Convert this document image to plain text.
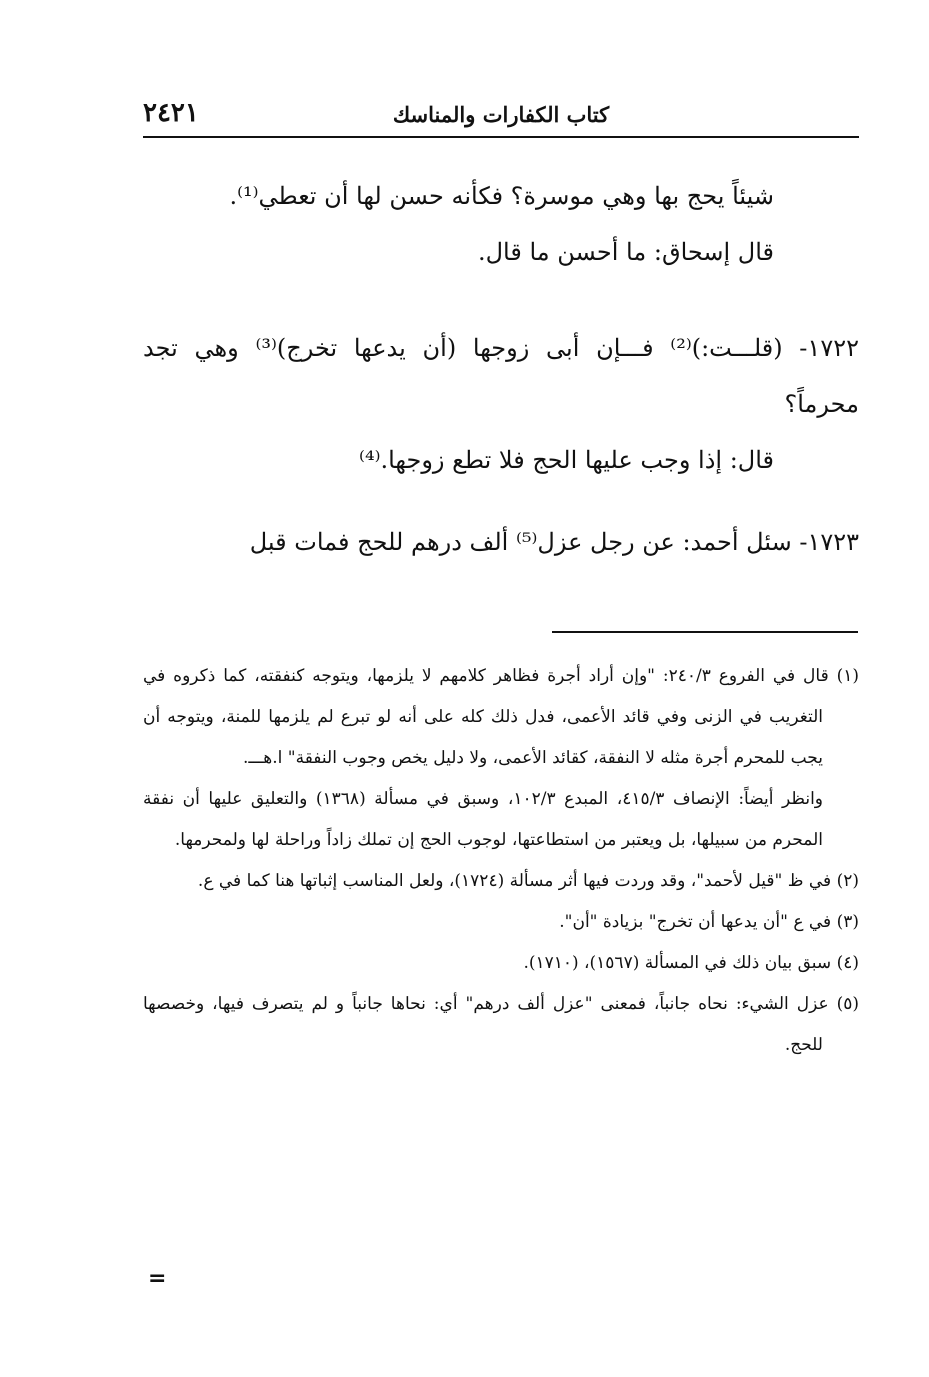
٢٤٢١	كتاب الكفارات والمناسك

شيئاً يحج بها وهي موسرة؟ فكأنه حسن لها أن تعطي⁽¹⁾.

قال إسحاق: ما أحسن ما قال.

١٧٢٢- (قلـــت:)⁽²⁾ فـــإن أبى زوجها (أن يدعها تخرج)⁽³⁾ وهي تجد محرماً؟

قال: إذا وجب عليها الحج فلا تطع زوجها.⁽⁴⁾

١٧٢٣- سئل أحمد: عن رجل عزل⁽⁵⁾ ألف درهم للحج فمات قبل

(١) قال في الفروع ٢٤٠/٣: "وإن أراد أجرة فظاهر كلامهم لا يلزمها، ويتوجه كنفقته، كما ذكروه في التغريب في الزنى وفي قائد الأعمى، فدل ذلك كله على أنه لو تبرع لم يلزمها للمنة، ويتوجه أن يجب للمحرم أجرة مثله لا النفقة، كقائد الأعمى، ولا دليل يخص وجوب النفقة" ا.هـــ.

وانظر أيضاً: الإنصاف ٤١٥/٣، المبدع ١٠٢/٣، وسبق في مسألة (١٣٦٨) والتعليق عليها أن نفقة المحرم من سبيلها، بل ويعتبر من استطاعتها، لوجوب الحج إن تملك زاداً وراحلة لها ولمحرمها.

(٢) في ظ "قيل لأحمد"، وقد وردت فيها أثر مسألة (١٧٢٤)، ولعل المناسب إثباتها هنا كما في ع.

(٣) في ع "أن يدعها أن تخرج" بزيادة "أن".

(٤) سبق بيان ذلك في المسألة (١٥٦٧)، (١٧١٠).

(٥) عزل الشيء: نحاه جانباً، فمعنى "عزل ألف درهم" أي: نحاها جانباً و لم يتصرف فيها، وخصصها للحج.

=
